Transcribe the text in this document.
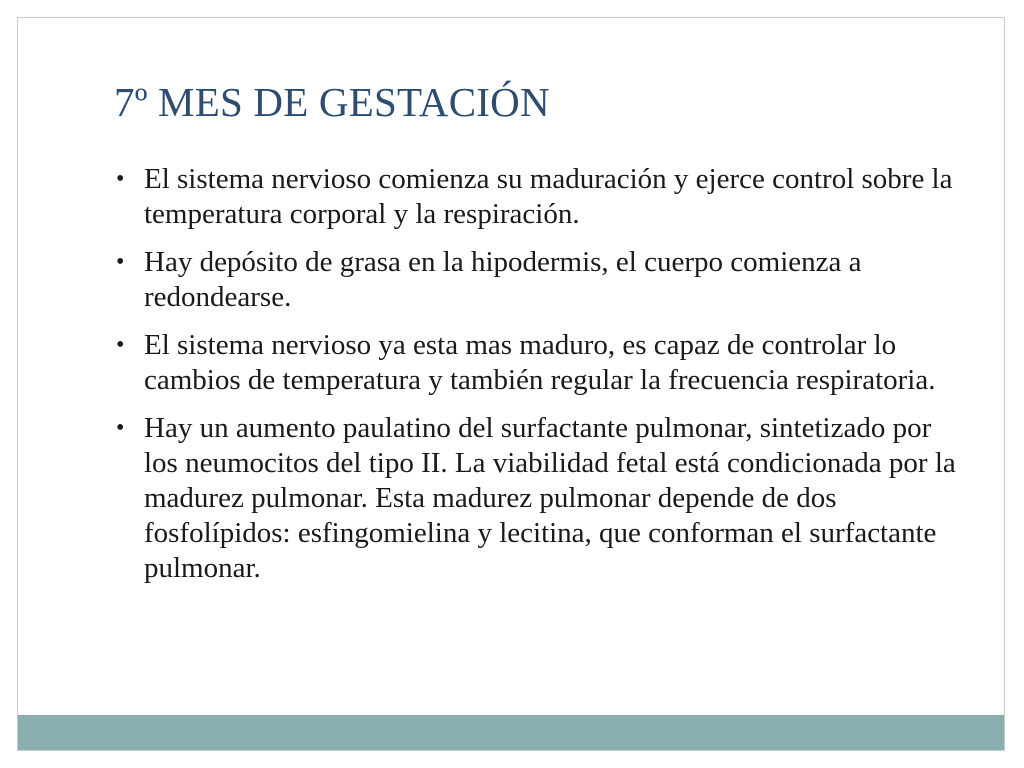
7º MES DE GESTACIÓN
• El sistema nervioso comienza su maduración y ejerce control sobre la temperatura corporal y la respiración.
• Hay depósito de grasa en la hipodermis, el cuerpo comienza a redondearse.
• El sistema nervioso ya esta mas maduro, es capaz de controlar lo cambios de temperatura y también regular la frecuencia respiratoria.
• Hay un aumento paulatino del surfactante pulmonar, sintetizado por los neumocitos del tipo II. La viabilidad fetal está condicionada por la madurez pulmonar. Esta madurez pulmonar depende de dos fosfolípidos: esfingomielina y lecitina, que conforman el surfactante pulmonar.
